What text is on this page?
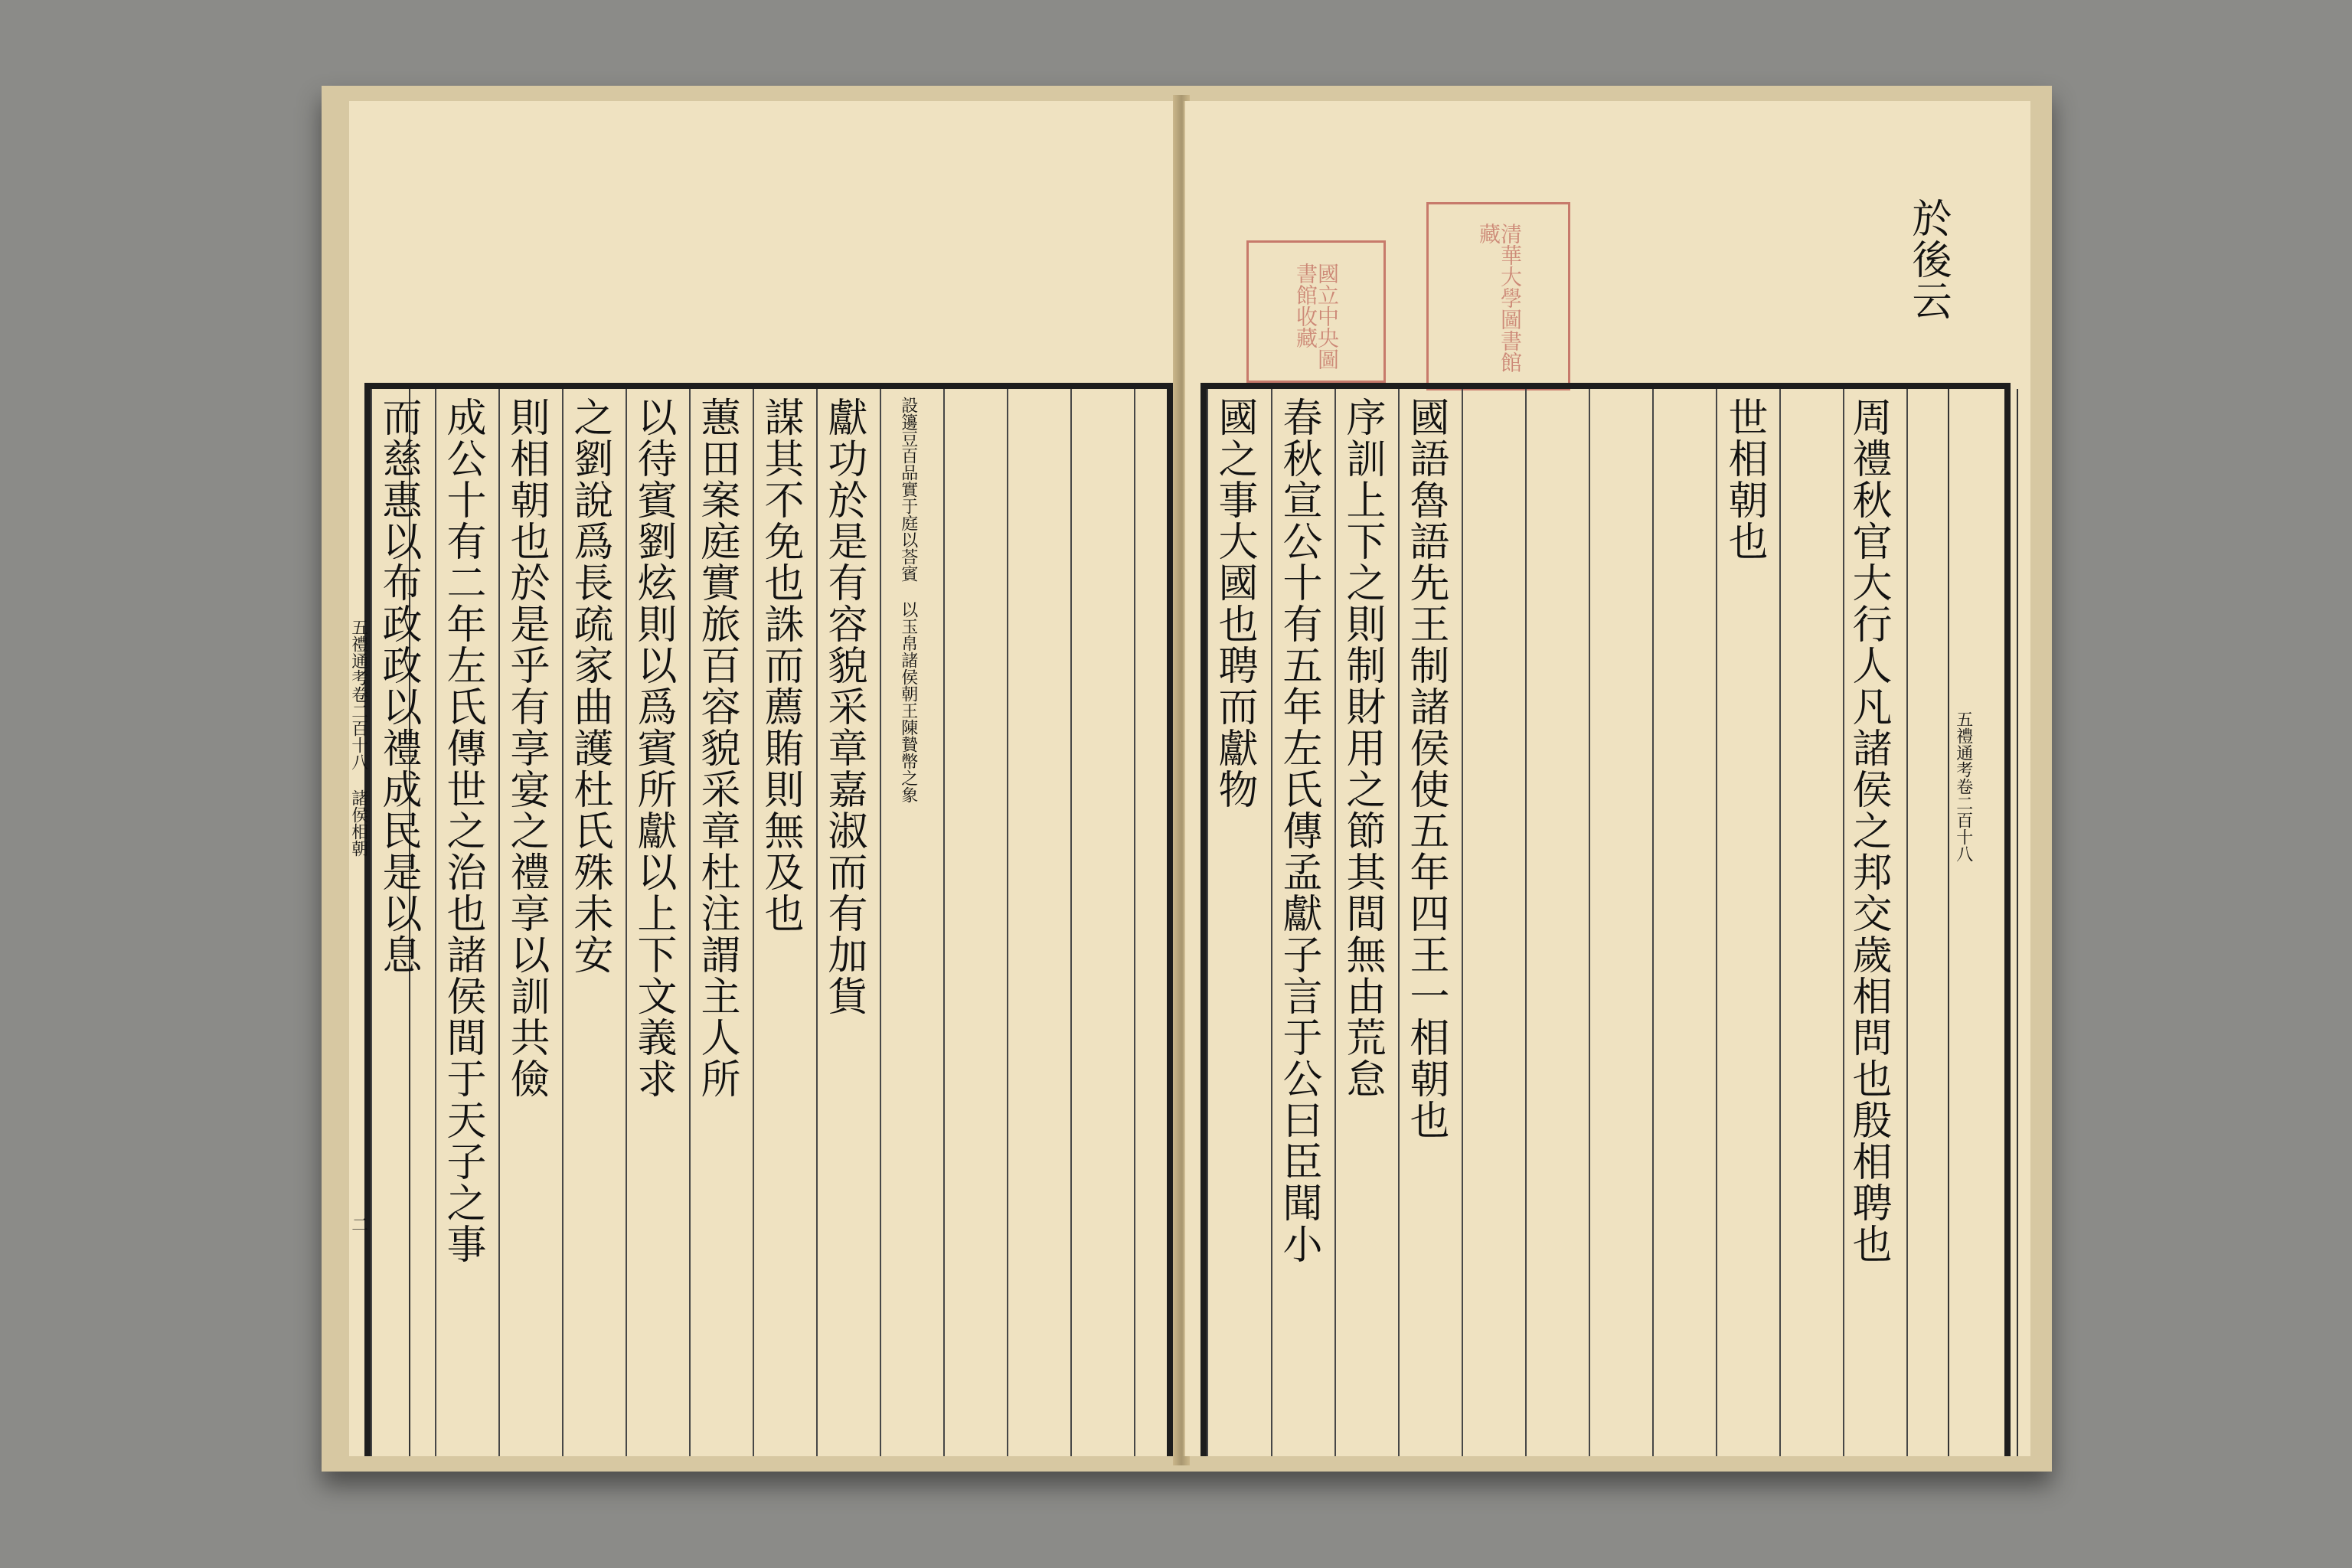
而慈惠以布政政以禮成民是以息 成公十有二年左氏傳世之治也諸侯間于天子之事 則相朝也於是乎有享宴之禮享以訓共儉 之劉說爲長疏家曲護杜氏殊未安 以待賓劉炫則以爲賓所獻以上下文義求 蕙田案庭實旅百容貌采章杜注謂主人所 謀其不免也誅而薦賄則無及也 獻功於是有容貌采章嘉淑而有加貨 設籩豆百品實于庭以荅賓 以玉帛諸侯朝王陳贄幣之象
五禮通考卷二百十八 諸侯相朝
二
國立中央圖書館收藏	清華大學圖書館藏
國之事大國也聘而獻物 春秋宣公十有五年左氏傳孟獻子言于公曰臣聞小 序訓上下之則制財用之節其間無由荒怠 國語魯語先王制諸侯使五年四王一相朝也	世相朝也 周禮秋官大行人凡諸侯之邦交歲相問也殷相聘也
於後云
五禮通考卷二百十八
